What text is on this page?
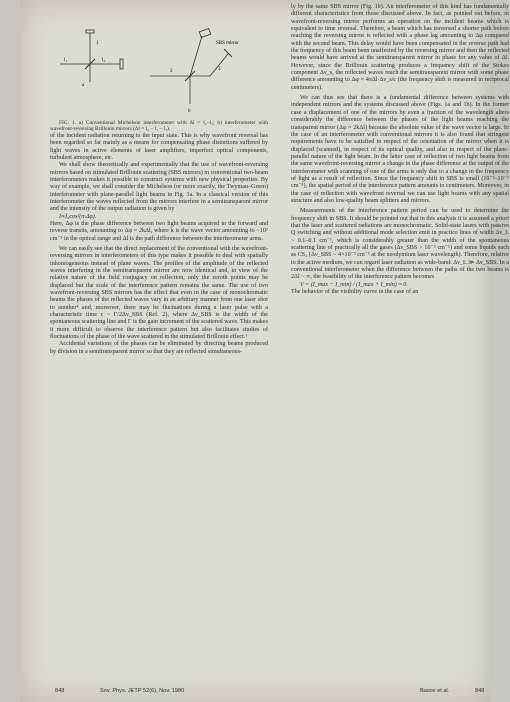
a
l₁	l₂
1	SBS mirror
b
2	3

FIG. 1. a) Conventional Michelson interferometer with Δl = l₂−l₁; b) interferometer with wavefront-reversing Brillouin mirrors (Δl = l₂ − l₁ − l₃).

of the incident radiation returning to the input state. This is why wavefront reversal has been regarded so far mainly as a means for compensating phase distortions suffered by light waves in active elements of laser amplifiers, imperfect optical components, turbulent atmosphere, etc.

We shall show theoretically and experimentally that the use of wavefront-reversing mirrors based on stimulated Brillouin scattering (SBS mirrors) in conventional two-beam interferometers makes it possible to construct systems with new physical properties. By way of example, we shall consider the Michelson (or more exactly, the Twyman–Green) interferometer with plane-parallel light beams in Fig. 1a. In a classical version of this interferometer the waves reflected from the mirrors interfere in a semitransparent mirror and the intensity of the output radiation is given by

I∝I₀cos²(π·Δφ).

Here, Δφ is the phase difference between two light beams acquired in the forward and reverse transits, amounting to Δφ = 2kΔl, where k is the wave vector amounting to ~10⁵ cm⁻¹ in the optical range and Δl is the path difference between the interferometer arms.

We can easily see that the direct replacement of the conventional with the wavefront-reversing mirrors in interferometers of this type makes it possible to deal with spatially inhomogeneous instead of plane waves. The profiles of the amplitude of the reflected waves interfering in the semitransparent mirror are now identical and, in view of the relative nature of the field conjugacy on reflection, only the zeroth points may be displaced but the scale of the interference pattern remains the same. The use of two wavefront-reversing SBS mirrors has the effect that even in the case of monochromatic beams the phases of the reflected waves vary in an arbitrary manner from one laser shot to another⁴ and, moreover, there may be fluctuations during a laser pulse with a characteristic time τ ~ Γ/2Δν_SBS (Ref. 2), where Δν_SBS is the width of the spontaneous scattering line and Γ is the gain increment of the scattered wave. This makes it more difficult to observe the interference pattern but also facilitates studies of fluctuations of the phase of the wave scattered in the stimulated Brillouin effect.⁵

Accidental variations of the phases can be eliminated by directing beams produced by division in a semitransparent mirror so that they are reflected simultaneous-

ly by the same SBS mirror (Fig. 1b). An interferometer of this kind has fundamentally different characteristics from those discussed above. In fact, as pointed out before, in wavefront-reversing mirror performs an operation on the incident beams which is equivalent to time reversal. Therefore, a beam which has traversed a shorter path before reaching the reversing mirror is reflected with a phase lag amounting to Δφ compared with the second beam. This delay would have been compensated in the reverse path had the frequency of this beam been unaffected by the reversing mirror and then the reflected beams would have arrived at the semitransparent mirror in phase for any value of Δl. However, since the Brillouin scattering produces a frequency shift of the Stokes component Δν_s, the reflected waves reach the semitransparent mirror with some phase difference amounting to Δφ = 4πΔl·Δν_s/c (the frequency shift is measured in reciprocal centimeters).

We can thus see that there is a fundamental difference between systems with independent mirrors and the systems discussed above (Figs. 1a and 1b). In the former case a displacement of one of the mirrors by even a fraction of the wavelength alters considerably the difference between the phases of the light beams reaching the transparent mirror (Δφ = 2kΔl) because the absolute value of the wave vector is large. In the case of an interferometer with conventional mirrors it is also found that stringent requirements have to be satisfied in respect of the orientation of the mirror when it is displaced (scanned), in respect of its optical quality, and also in respect of the plane-parallel nature of the light beam. In the latter case of reflection of two light beams from the same wavefront-reversing mirror a change in the phase difference at the output of the interferometer with scanning of one of the arms is only due to a change in the frequency of light as a result of reflection. Since the frequency shift in SBS is small (10⁻³–10⁻⁵ cm⁻¹), the spatial period of the interference pattern amounts to centimeters. Moreover, in the case of reflection with wavefront reversal we can use light beams with any spatial structure and also low-quality beam splitters and mirrors.

Measurements of the interference pattern period can be used to determine the frequency shift in SBS. It should be pointed out that in this analysis it is assumed a priori that the laser and scattered radiations are monochromatic. Solid-state lasers with passive Q switching and without additional mode selection emit in practice lines of width Δν_L ~ 0.1–0.1 cm⁻¹, which is considerably greater than the width of the spontaneous scattering line of practically all the gases (Δν_SBS > 10⁻³ cm⁻¹) and some liquids such as CS₂ (Δν_SBS ~ 4×10⁻³ cm⁻¹ at the neodymium laser wavelength). Therefore, relative to the active medium, we can regard laser radiation as wide-band: Δν_L ≫ Δν_SBS. In a conventional interferometer when the difference between the paths of the two beams is 2Δl ~ ∞, the feasibility of the interference pattern becomes

V = (I_max − I_min) / (I_max + I_min) ≈ 0.

The behavior of the visibility curve in the case of an

848	Sov. Phys. JETP 52(6), Nov. 1980	Basov et al.	848
